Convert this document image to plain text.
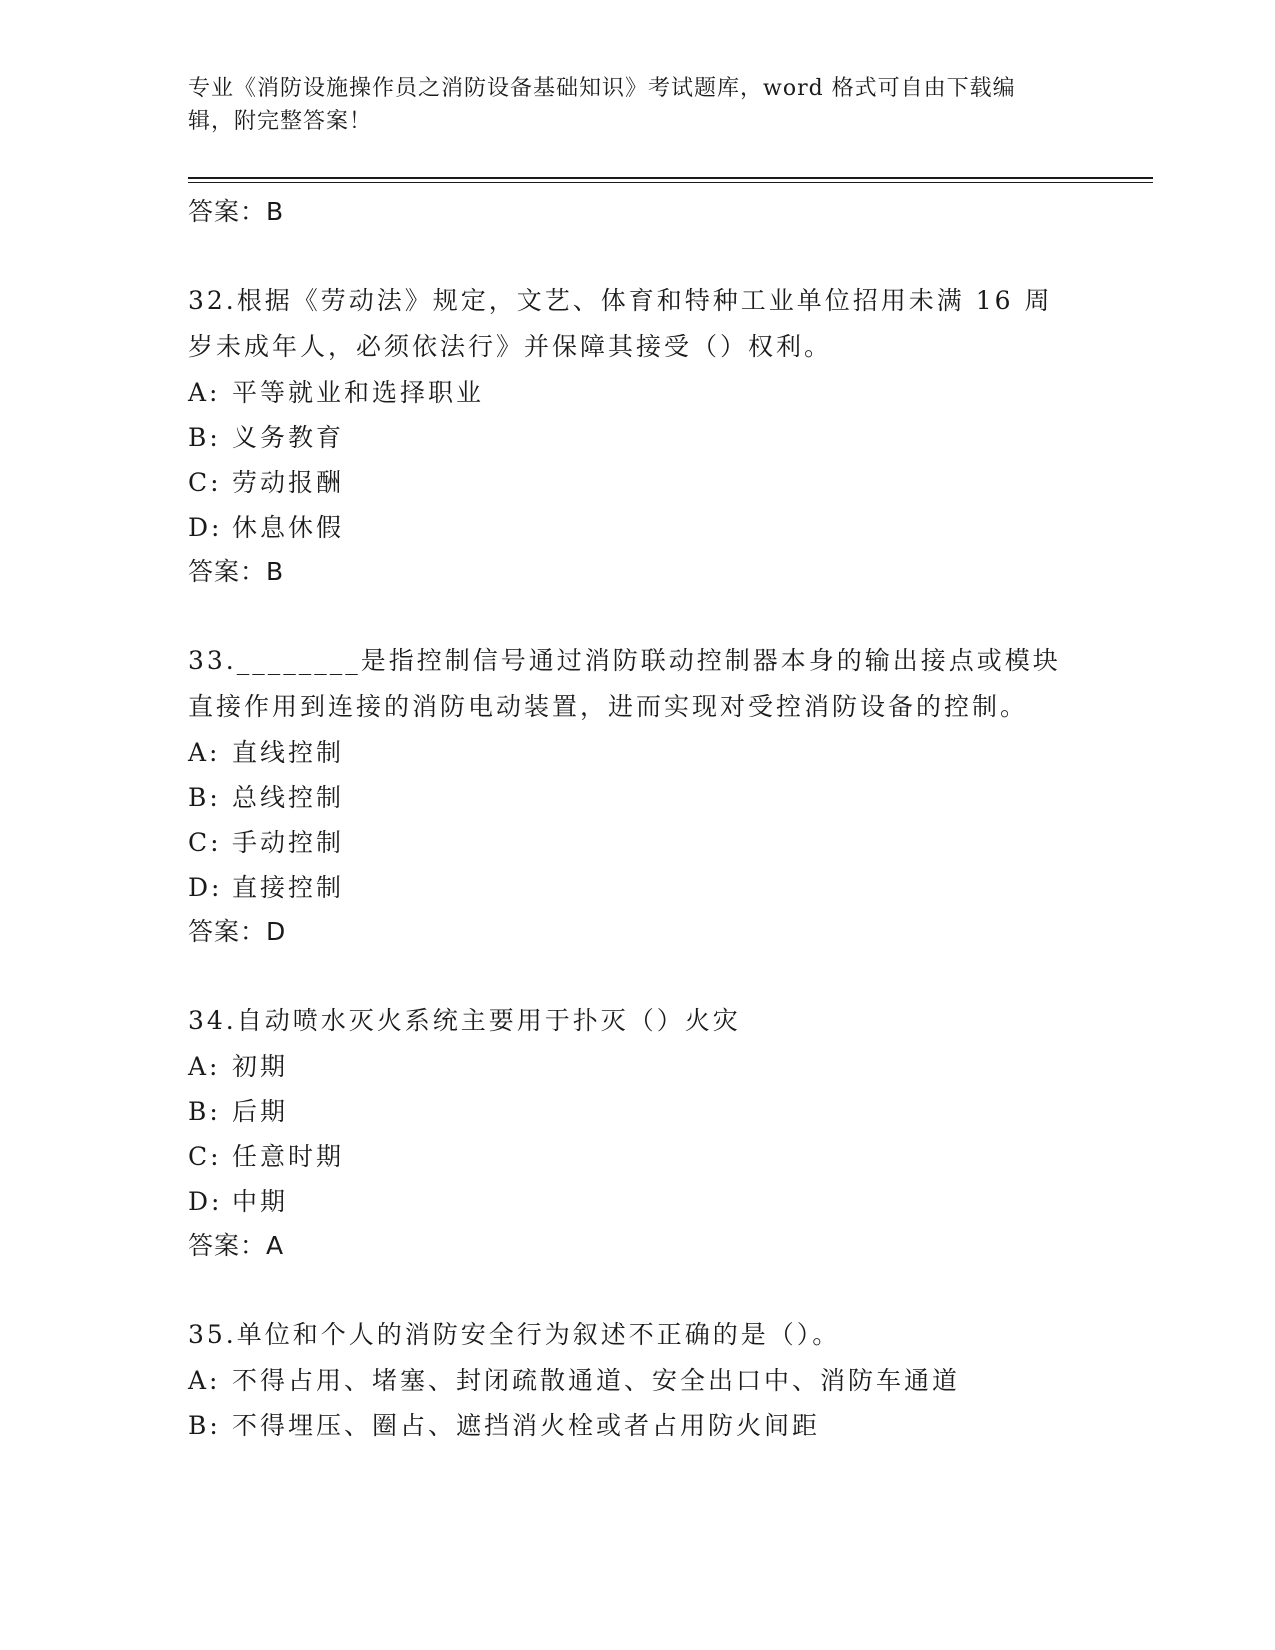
专业《消防设施操作员之消防设备基础知识》考试题库，word 格式可自由下载编
辑，附完整答案！
答案：B
32.根据《劳动法》规定，文艺、体育和特种工业单位招用未满 16 周
岁未成年人，必须依法行》并保障其接受（）权利。
A: 平等就业和选择职业
B: 义务教育
C: 劳动报酬
D: 休息休假
答案：B
33.________是指控制信号通过消防联动控制器本身的输出接点或模块
直接作用到连接的消防电动装置，进而实现对受控消防设备的控制。
A: 直线控制
B: 总线控制
C: 手动控制
D: 直接控制
答案：D
34.自动喷水灭火系统主要用于扑灭（）火灾
A: 初期
B: 后期
C: 任意时期
D: 中期
答案：A
35.单位和个人的消防安全行为叙述不正确的是（）。
A: 不得占用、堵塞、封闭疏散通道、安全出口中、消防车通道
B: 不得埋压、圈占、遮挡消火栓或者占用防火间距
